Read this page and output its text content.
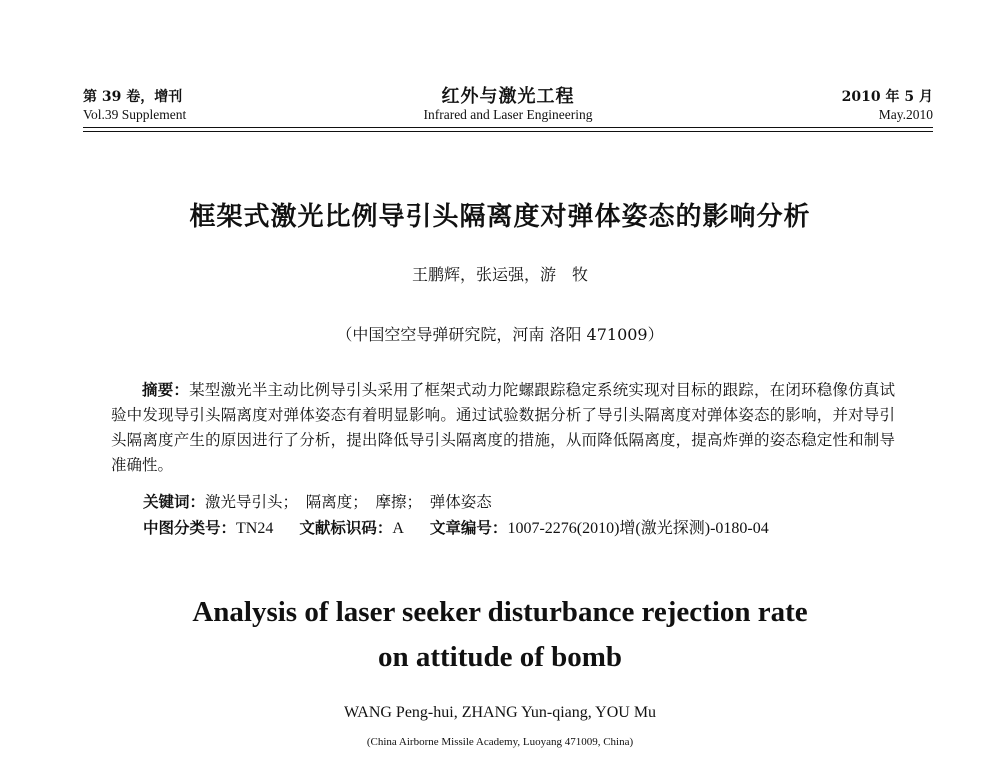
第 39 卷，增刊
Vol.39 Supplement
红外与激光工程
Infrared and Laser Engineering
2010 年 5 月
May.2010
框架式激光比例导引头隔离度对弹体姿态的影响分析
王鹏辉，张运强，游　牧
（中国空空导弹研究院，河南 洛阳 471009）
摘要：某型激光半主动比例导引头采用了框架式动力陀螺跟踪稳定系统实现对目标的跟踪，在闭环稳像仿真试验中发现导引头隔离度对弹体姿态有着明显影响。通过试验数据分析了导引头隔离度对弹体姿态的影响，并对导引头隔离度产生的原因进行了分析，提出降低导引头隔离度的措施，从而降低隔离度，提高炸弹的姿态稳定性和制导准确性。
关键词：激光导引头；　隔离度；　摩擦；　弹体姿态
中图分类号：TN24 文献标识码：A 文章编号：1007-2276(2010)增(激光探测)-0180-04
Analysis of laser seeker disturbance rejection rate
on attitude of bomb
WANG Peng-hui, ZHANG Yun-qiang, YOU Mu
(China Airborne Missile Academy, Luoyang 471009, China)
